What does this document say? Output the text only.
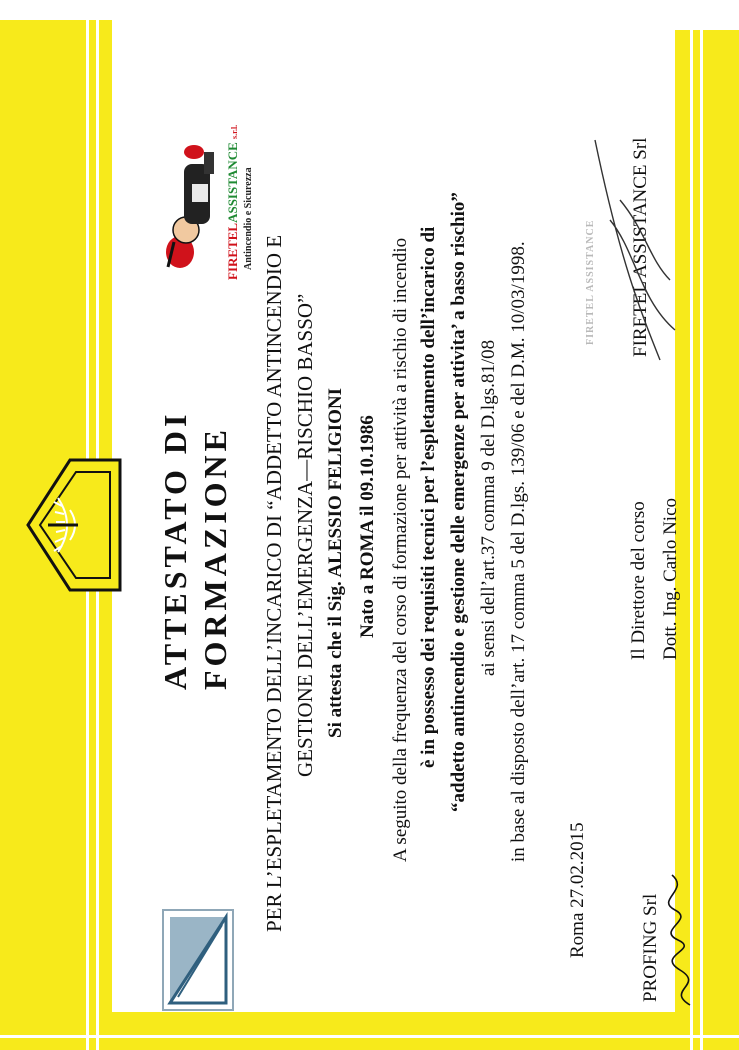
ATTESTATO DI FORMAZIONE PER L’ESPLETAMENTO DELL’INCARICO DI “ADDETTO ANTINCENDIO E GESTIONE DELL’EMERGENZA—RISCHIO BASSO” Si attesta che il Sig. ALESSIO FELIGIONI Nato a ROMA il 09.10.1986 A seguito della frequenza del corso di formazione per attività a rischio di incendio è in possesso dei requisiti tecnici per l’espletamento dell’incarico di “addetto antincendio e gestione delle emergenze per attivita’ a basso rischio” ai sensi dell’art.37 comma 9 del D.lgs.81/08 in base al disposto dell’art. 17 comma 5 del D.lgs. 139/06 e del D.M. 10/03/1998.
Roma 27.02.2015	PROFING Srl
Il Direttore del corso Dott. Ing. Carlo Nico
FIRETEL ASSISTANCE Srl
FIRETEL ASSISTANCE
FIRETELASSISTANCE s.r.l.
Antincendio e Sicurezza
